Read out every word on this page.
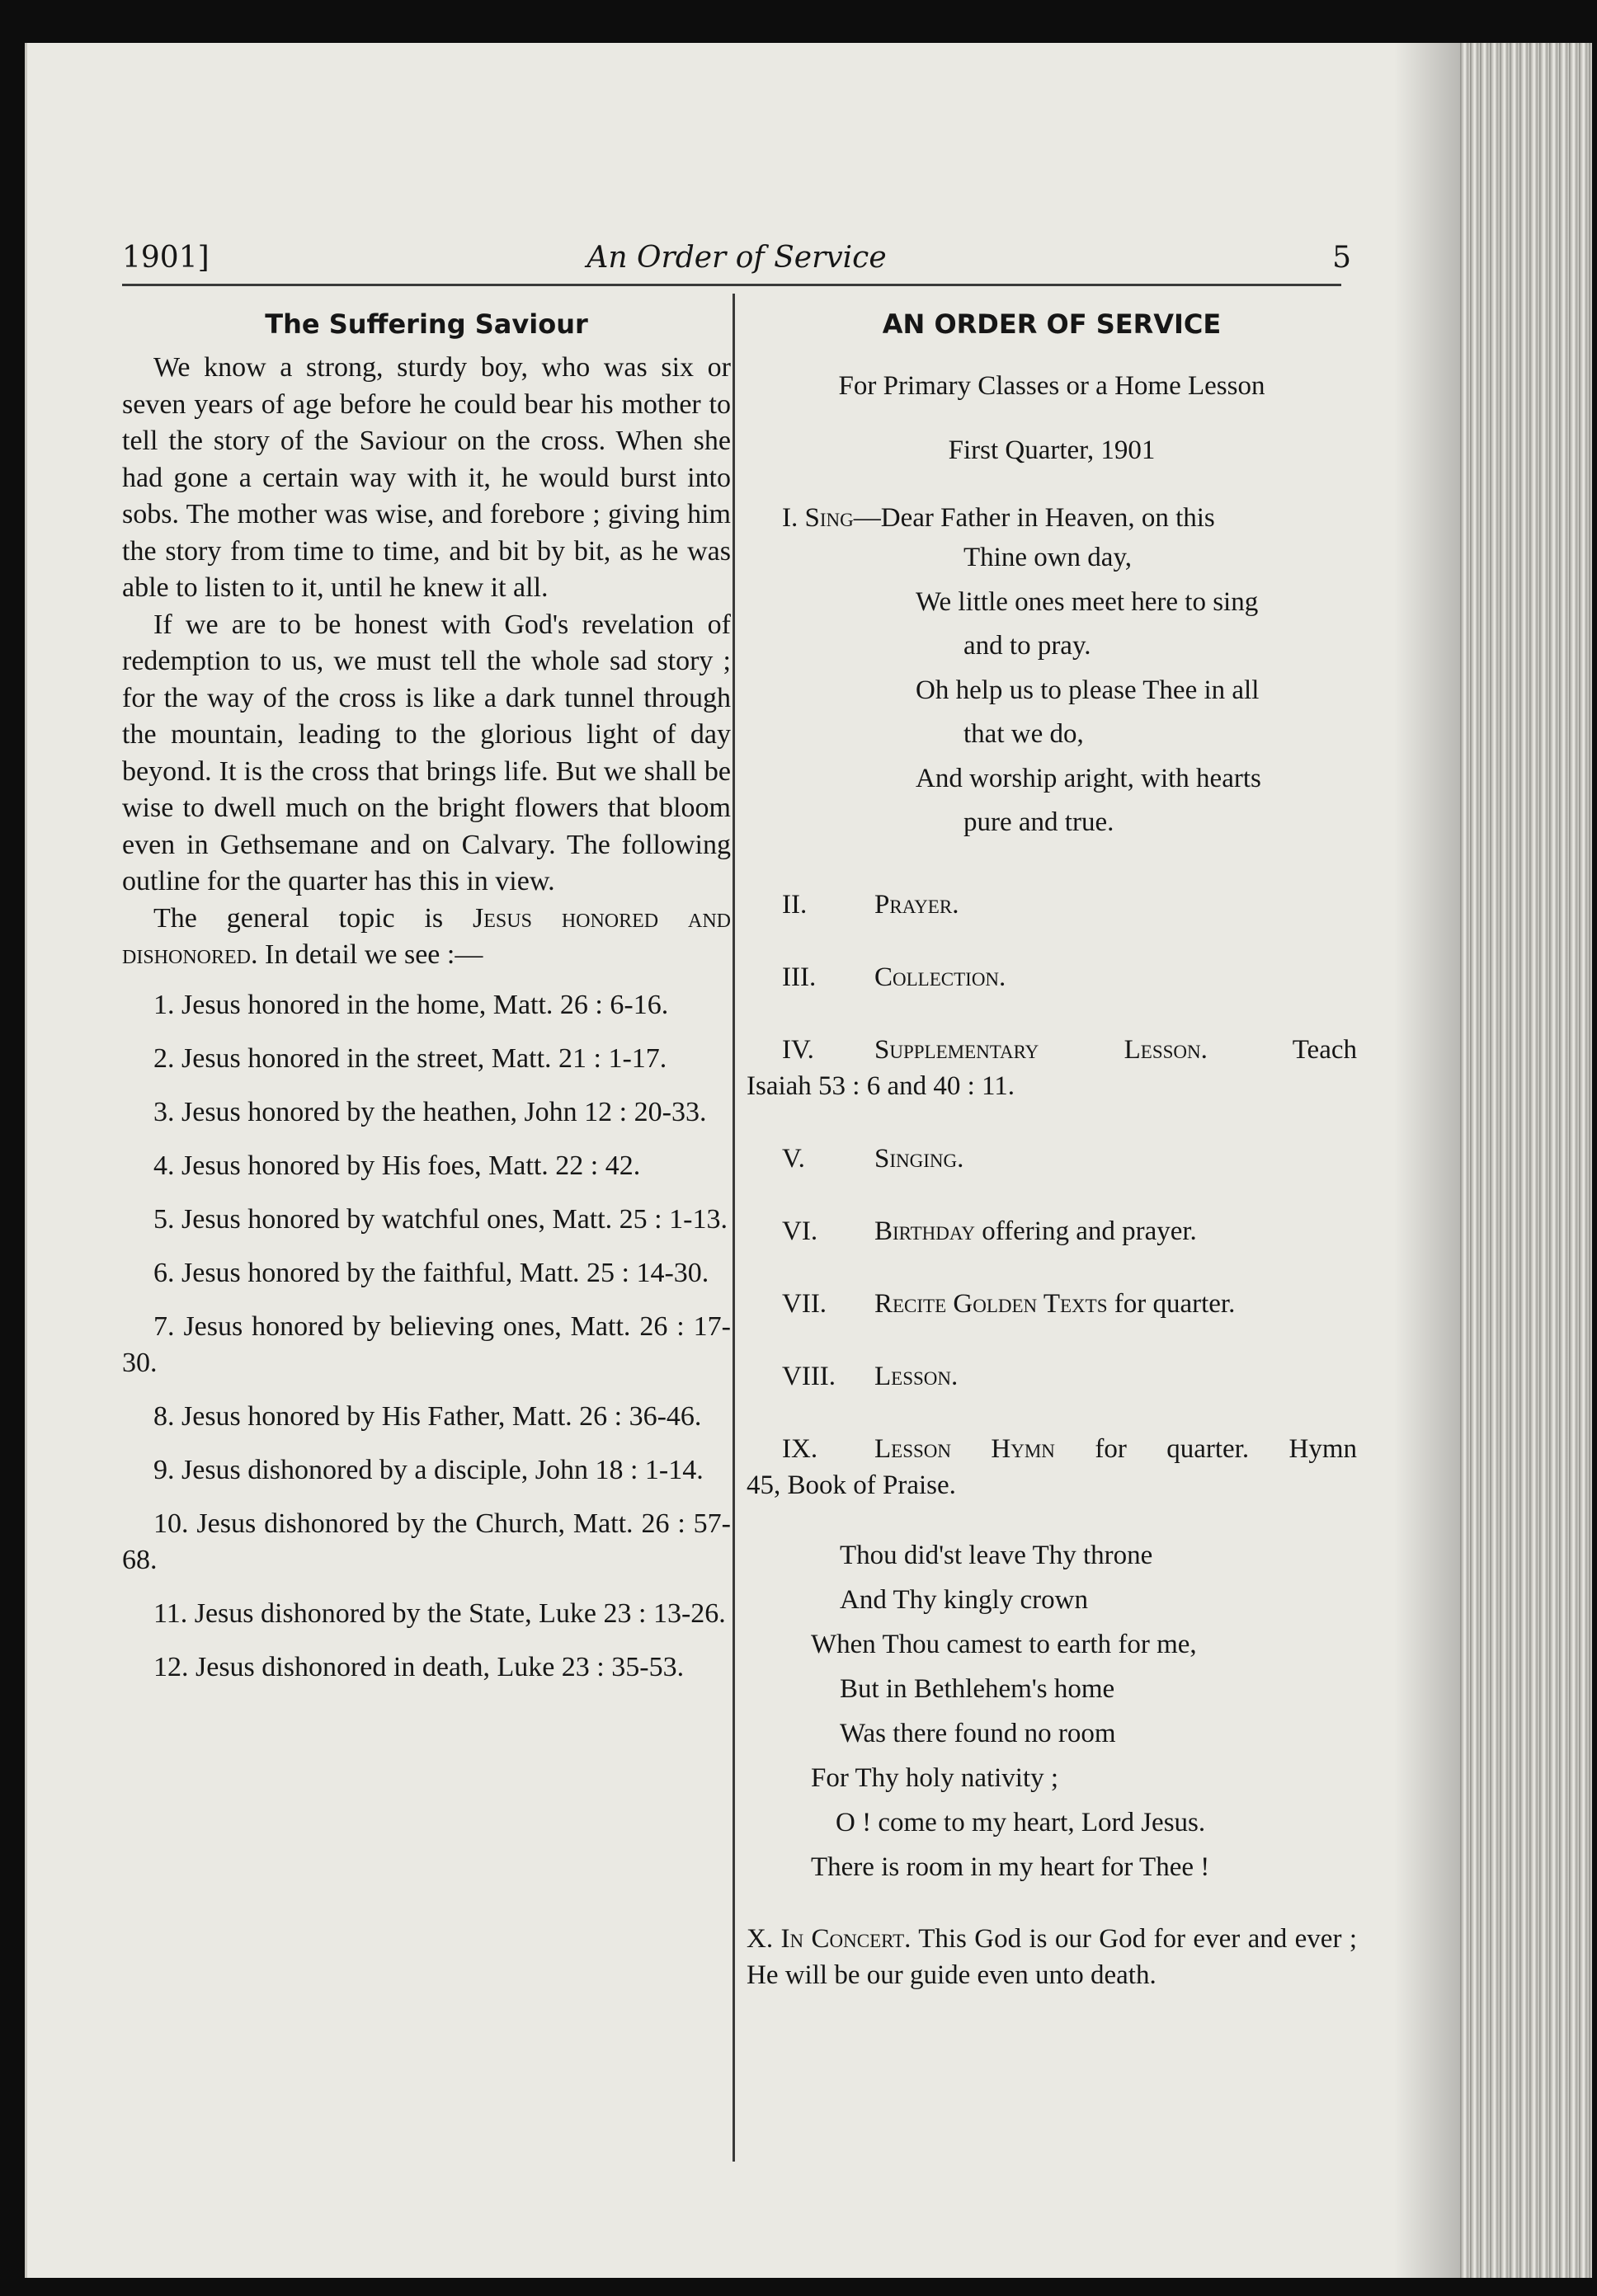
1901]	An Order of Service	5
The Suffering Saviour

We know a strong, sturdy boy, who was six or seven years of age before he could bear his mother to tell the story of the Saviour on the cross. When she had gone a certain way with it, he would burst into sobs. The mother was wise, and forebore ; giving him the story from time to time, and bit by bit, as he was able to listen to it, until he knew it all.

If we are to be honest with God's revelation of redemption to us, we must tell the whole sad story ; for the way of the cross is like a dark tunnel through the mountain, leading to the glorious light of day beyond. It is the cross that brings life. But we shall be wise to dwell much on the bright flowers that bloom even in Gethsemane and on Calvary. The following outline for the quarter has this in view.

The general topic is Jesus honored and dishonored. In detail we see :—

1. Jesus honored in the home, Matt. 26 : 6-16.
2. Jesus honored in the street, Matt. 21 : 1-17.
3. Jesus honored by the heathen, John 12 : 20-33.
4. Jesus honored by His foes, Matt. 22 : 42.
5. Jesus honored by watchful ones, Matt. 25 : 1-13.
6. Jesus honored by the faithful, Matt. 25 : 14-30.
7. Jesus honored by believing ones, Matt. 26 : 17-30.
8. Jesus honored by His Father, Matt. 26 : 36-46.
9. Jesus dishonored by a disciple, John 18 : 1-14.
10. Jesus dishonored by the Church, Matt. 26 : 57-68.
11. Jesus dishonored by the State, Luke 23 : 13-26.
12. Jesus dishonored in death, Luke 23 : 35-53.
AN ORDER OF SERVICE
For Primary Classes or a Home Lesson
First Quarter, 1901
I. Sing—Dear Father in Heaven, on this
Thine own day,
We little ones meet here to sing
and to pray.
Oh help us to please Thee in all
that we do,
And worship aright, with hearts
pure and true.
II.	Prayer.
III.	Collection.
IV.	Supplementary Lesson.	Teach
Isaiah 53 : 6 and 40 : 11.
V.	Singing.
VI.	Birthday offering and prayer.
VII.	Recite Golden Texts for quarter.
VIII.	Lesson.
IX.	Lesson Hymn for quarter. Hymn
45, Book of Praise.
Thou did'st leave Thy throne
And Thy kingly crown
When Thou camest to earth for me,
But in Bethlehem's home
Was there found no room
For Thy holy nativity ;
O ! come to my heart, Lord Jesus.
There is room in my heart for Thee !
X. In Concert. This God is our God for ever and ever ; He will be our guide even unto death.
